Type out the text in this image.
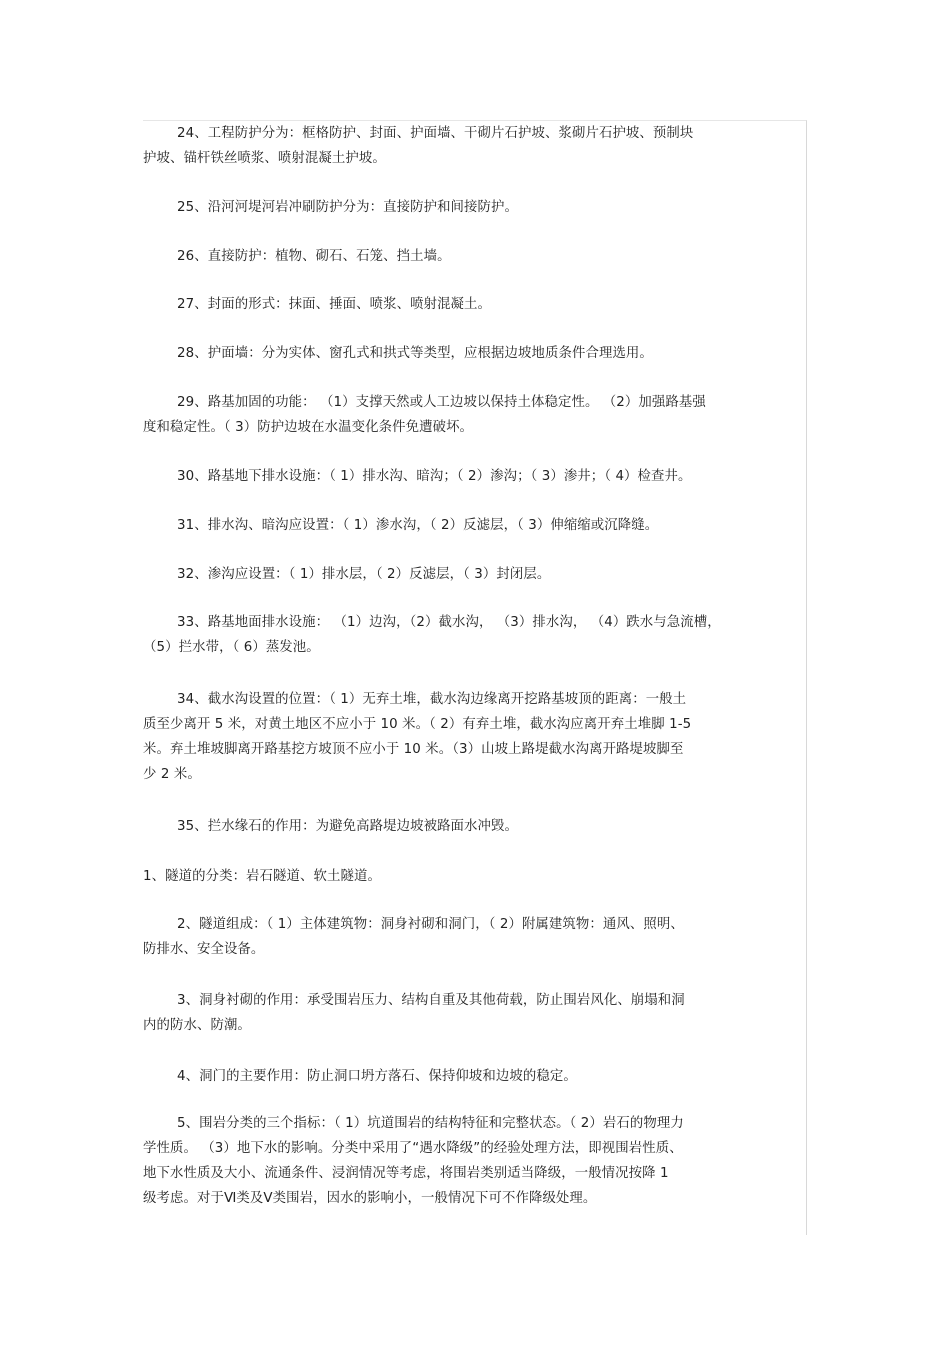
24、工程防护分为：框格防护、封面、护面墙、干砌片石护坡、浆砌片石护坡、预制块
护坡、锚杆铁丝喷浆、喷射混凝土护坡。

25、沿河河堤河岩冲刷防护分为：直接防护和间接防护。

26、直接防护：植物、砌石、石笼、挡土墙。

27、封面的形式：抹面、捶面、喷浆、喷射混凝土。

28、护面墙：分为实体、窗孔式和拱式等类型，应根据边坡地质条件合理选用。

29、路基加固的功能： （1）支撑天然或人工边坡以保持土体稳定性。 （2）加强路基强
度和稳定性。（ 3）防护边坡在水温变化条件免遭破坏。

30、路基地下排水设施：（ 1）排水沟、暗沟；（ 2）渗沟；（ 3）渗井；（ 4）检查井。

31、排水沟、暗沟应设置：（ 1）渗水沟，（ 2）反滤层，（ 3）伸缩缩或沉降缝。

32、渗沟应设置：（ 1）排水层，（ 2）反滤层，（ 3）封闭层。

33、路基地面排水设施： （1）边沟，（2）截水沟， （3）排水沟， （4）跌水与急流槽，
（5）拦水带，（ 6）蒸发池。

34、截水沟设置的位置：（ 1）无弃土堆，截水沟边缘离开挖路基坡顶的距离：一般土
质至少离开 5 米，对黄土地区不应小于 10 米。（ 2）有弃土堆，截水沟应离开弃土堆脚 1-5
米。弃土堆坡脚离开路基挖方坡顶不应小于 10 米。（3）山坡上路堤截水沟离开路堤坡脚至
少 2 米。

35、拦水缘石的作用：为避免高路堤边坡被路面水冲毁。

1、隧道的分类：岩石隧道、软土隧道。

2、隧道组成：（ 1）主体建筑物：洞身衬砌和洞门，（ 2）附属建筑物：通风、照明、
防排水、安全设备。

3、洞身衬砌的作用：承受围岩压力、结构自重及其他荷载，防止围岩风化、崩塌和洞
内的防水、防潮。

4、洞门的主要作用：防止洞口坍方落石、保持仰坡和边坡的稳定。

5、围岩分类的三个指标：（ 1）坑道围岩的结构特征和完整状态。（ 2）岩石的物理力
学性质。 （3）地下水的影响。分类中采用了“遇水降级”的经验处理方法，即视围岩性质、
地下水性质及大小、流通条件、浸润情况等考虑，将围岩类别适当降级，一般情况按降 1
级考虑。对于Ⅵ类及Ⅴ类围岩，因水的影响小，一般情况下可不作降级处理。
